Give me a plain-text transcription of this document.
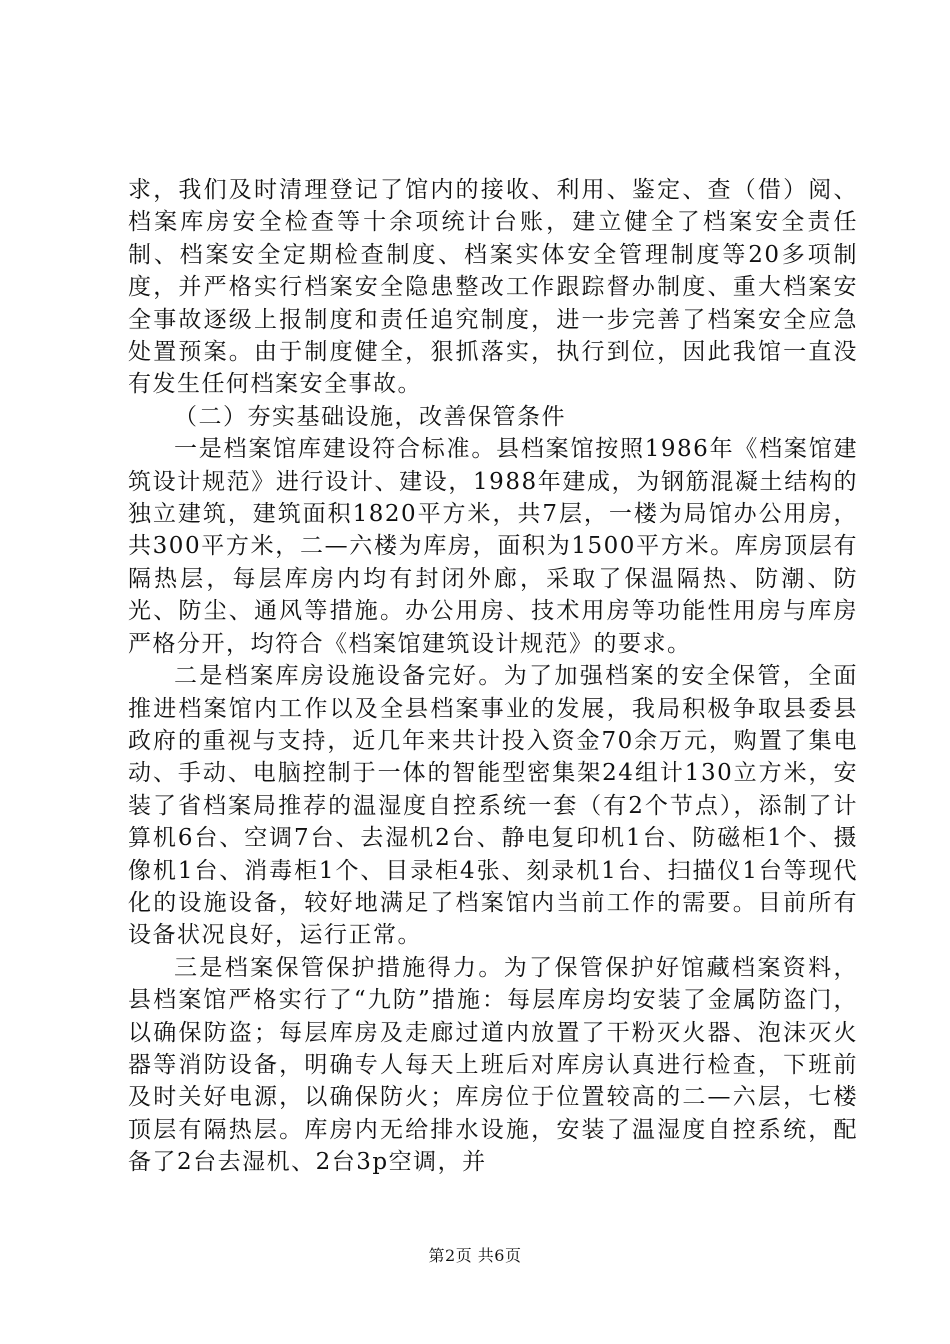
求，我们及时清理登记了馆内的接收、利用、鉴定、查（借）阅、档案库房安全检查等十余项统计台账，建立健全了档案安全责任制、档案安全定期检查制度、档案实体安全管理制度等20多项制度，并严格实行档案安全隐患整改工作跟踪督办制度、重大档案安全事故逐级上报制度和责任追究制度，进一步完善了档案安全应急处置预案。由于制度健全，狠抓落实，执行到位，因此我馆一直没有发生任何档案安全事故。

（二）夯实基础设施，改善保管条件

一是档案馆库建设符合标准。县档案馆按照1986年《档案馆建筑设计规范》进行设计、建设，1988年建成，为钢筋混凝土结构的独立建筑，建筑面积1820平方米，共7层，一楼为局馆办公用房，共300平方米，二—六楼为库房，面积为1500平方米。库房顶层有隔热层，每层库房内均有封闭外廊，采取了保温隔热、防潮、防光、防尘、通风等措施。办公用房、技术用房等功能性用房与库房严格分开，均符合《档案馆建筑设计规范》的要求。

二是档案库房设施设备完好。为了加强档案的安全保管，全面推进档案馆内工作以及全县档案事业的发展，我局积极争取县委县政府的重视与支持，近几年来共计投入资金70余万元，购置了集电动、手动、电脑控制于一体的智能型密集架24组计130立方米，安装了省档案局推荐的温湿度自控系统一套（有2个节点），添制了计算机6台、空调7台、去湿机2台、静电复印机1台、防磁柜1个、摄像机1台、消毒柜1个、目录柜4张、刻录机1台、扫描仪1台等现代化的设施设备，较好地满足了档案馆内当前工作的需要。目前所有设备状况良好，运行正常。

三是档案保管保护措施得力。为了保管保护好馆藏档案资料，县档案馆严格实行了“九防”措施：每层库房均安装了金属防盗门，以确保防盗；每层库房及走廊过道内放置了干粉灭火器、泡沫灭火器等消防设备，明确专人每天上班后对库房认真进行检查，下班前及时关好电源，以确保防火；库房位于位置较高的二—六层，七楼顶层有隔热层。库房内无给排水设施，安装了温湿度自控系统，配备了2台去湿机、2台3p空调，并

第2页 共6页
